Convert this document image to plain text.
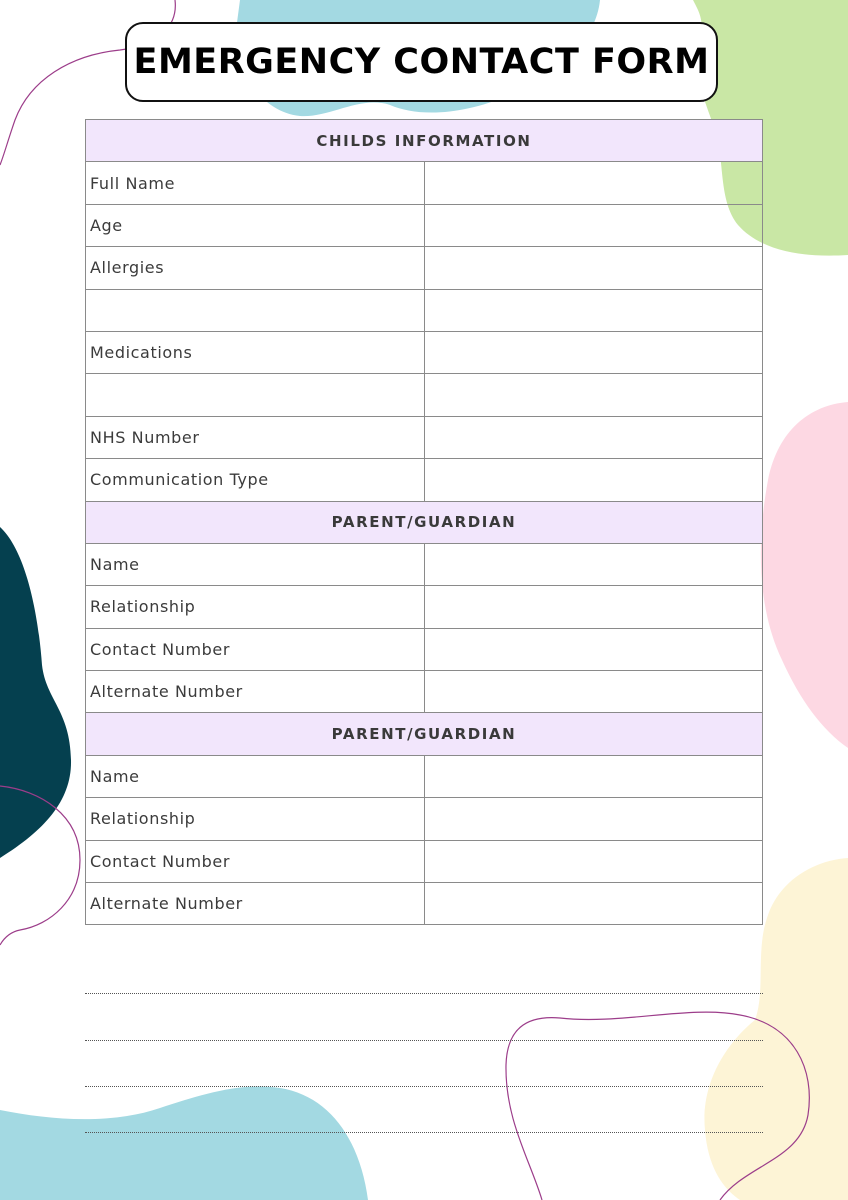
EMERGENCY CONTACT FORM
CHILDS INFORMATION	
Full Name	
Age	
Allergies	

Medications	

NHS Number	
Communication Type	
PARENT/GUARDIAN	
Name	
Relationship	
Contact Number	
Alternate Number	
PARENT/GUARDIAN	
Name	
Relationship	
Contact Number	
Alternate Number	
